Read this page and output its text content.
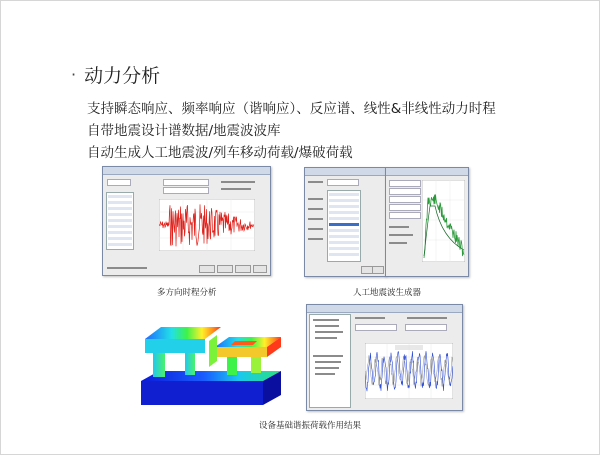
· 动力分析
支持瞬态响应、频率响应（谐响应）、反应谱、线性&非线性动力时程
自带地震设计谱数据/地震波波库
自动生成人工地震波/列车移动荷载/爆破荷载
多方向时程分析	人工地震波生成器
设备基础谐振荷载作用结果
